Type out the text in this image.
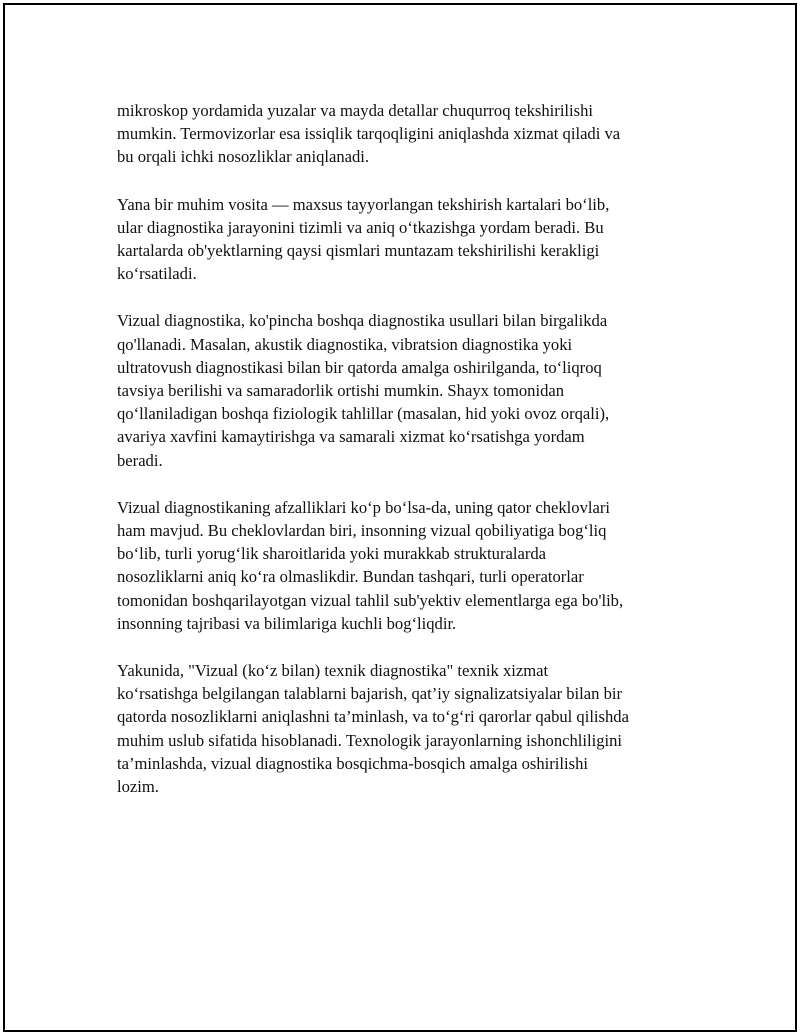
mikroskop yordamida yuzalar va mayda detallar chuqurroq tekshirilishi
mumkin. Termovizorlar esa issiqlik tarqoqligini aniqlashda xizmat qiladi va
bu orqali ichki nosozliklar aniqlanadi.

Yana bir muhim vosita — maxsus tayyorlangan tekshirish kartalari bo‘lib,
ular diagnostika jarayonini tizimli va aniq o‘tkazishga yordam beradi. Bu
kartalarda ob'yektlarning qaysi qismlari muntazam tekshirilishi kerakligi
ko‘rsatiladi.

Vizual diagnostika, ko'pincha boshqa diagnostika usullari bilan birgalikda
qo'llanadi. Masalan, akustik diagnostika, vibratsion diagnostika yoki
ultratovush diagnostikasi bilan bir qatorda amalga oshirilganda, to‘liqroq
tavsiya berilishi va samaradorlik ortishi mumkin. Shayx tomonidan
qo‘llaniladigan boshqa fiziologik tahlillar (masalan, hid yoki ovoz orqali),
avariya xavfini kamaytirishga va samarali xizmat ko‘rsatishga yordam
beradi.

Vizual diagnostikaning afzalliklari ko‘p bo‘lsa-da, uning qator cheklovlari
ham mavjud. Bu cheklovlardan biri, insonning vizual qobiliyatiga bog‘liq
bo‘lib, turli yorug‘lik sharoitlarida yoki murakkab strukturalarda
nosozliklarni aniq ko‘ra olmaslikdir. Bundan tashqari, turli operatorlar
tomonidan boshqarilayotgan vizual tahlil sub'yektiv elementlarga ega bo'lib,
insonning tajribasi va bilimlariga kuchli bog‘liqdir.

Yakunida, "Vizual (ko‘z bilan) texnik diagnostika" texnik xizmat
ko‘rsatishga belgilangan talablarni bajarish, qat’iy signalizatsiyalar bilan bir
qatorda nosozliklarni aniqlashni ta’minlash, va to‘g‘ri qarorlar qabul qilishda
muhim uslub sifatida hisoblanadi. Texnologik jarayonlarning ishonchliligini
ta’minlashda, vizual diagnostika bosqichma-bosqich amalga oshirilishi
lozim.
